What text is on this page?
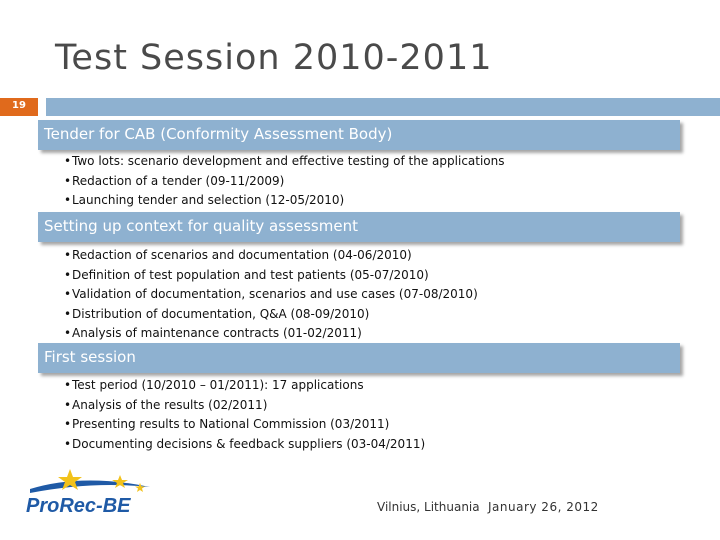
Test Session 2010-2011
19
Tender for CAB (Conformity Assessment Body)
•Two lots: scenario development and effective testing of the applications
•Redaction of a tender (09-11/2009)
•Launching tender and selection (12-05/2010)
Setting up context for quality assessment
•Redaction of scenarios and documentation (04-06/2010)
•Definition of test population and test patients (05-07/2010)
•Validation of documentation, scenarios and use cases (07-08/2010)
•Distribution of documentation, Q&A (08-09/2010)
•Analysis of maintenance contracts (01-02/2011)
First session
•Test period (10/2010 – 01/2011): 17 applications
•Analysis of the results (02/2011)
•Presenting results to National Commission (03/2011)
•Documenting decisions & feedback suppliers (03-04/2011)
ProRec-BE	Vilnius, Lithuania January 26, 2012
